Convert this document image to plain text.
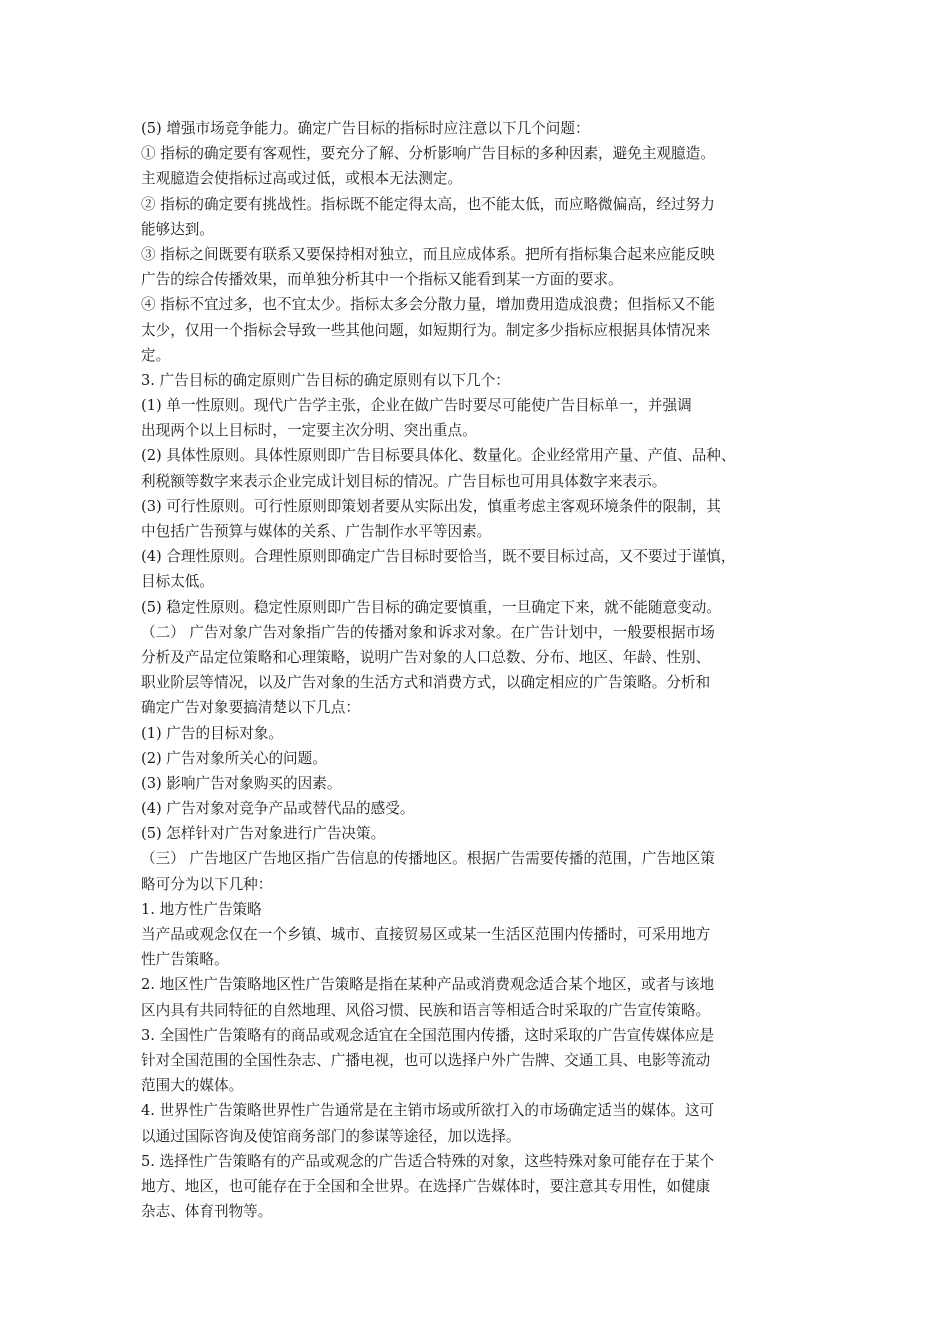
(5) 增强市场竞争能力。确定广告目标的指标时应注意以下几个问题：
① 指标的确定要有客观性，要充分了解、分析影响广告目标的多种因素，避免主观臆造。
主观臆造会使指标过高或过低，或根本无法测定。
② 指标的确定要有挑战性。指标既不能定得太高，也不能太低，而应略微偏高，经过努力
能够达到。
③ 指标之间既要有联系又要保持相对独立，而且应成体系。把所有指标集合起来应能反映
广告的综合传播效果，而单独分析其中一个指标又能看到某一方面的要求。
④ 指标不宜过多，也不宜太少。指标太多会分散力量，增加费用造成浪费；但指标又不能
太少，仅用一个指标会导致一些其他问题，如短期行为。制定多少指标应根据具体情况来
定。
3. 广告目标的确定原则广告目标的确定原则有以下几个：
(1) 单一性原则。现代广告学主张，企业在做广告时要尽可能使广告目标单一，并强调
出现两个以上目标时，一定要主次分明、突出重点。
(2) 具体性原则。具体性原则即广告目标要具体化、数量化。企业经常用产量、产值、品种、
利税额等数字来表示企业完成计划目标的情况。广告目标也可用具体数字来表示。
(3) 可行性原则。可行性原则即策划者要从实际出发，慎重考虑主客观环境条件的限制，其
中包括广告预算与媒体的关系、广告制作水平等因素。
(4) 合理性原则。合理性原则即确定广告目标时要恰当，既不要目标过高，又不要过于谨慎，
目标太低。
(5) 稳定性原则。稳定性原则即广告目标的确定要慎重，一旦确定下来，就不能随意变动。
（二） 广告对象广告对象指广告的传播对象和诉求对象。在广告计划中，一般要根据市场
分析及产品定位策略和心理策略，说明广告对象的人口总数、分布、地区、年龄、性别、
职业阶层等情况，以及广告对象的生活方式和消费方式，以确定相应的广告策略。分析和
确定广告对象要搞清楚以下几点：
(1) 广告的目标对象。
(2) 广告对象所关心的问题。
(3) 影响广告对象购买的因素。
(4) 广告对象对竞争产品或替代品的感受。
(5) 怎样针对广告对象进行广告决策。
（三） 广告地区广告地区指广告信息的传播地区。根据广告需要传播的范围，广告地区策
略可分为以下几种：
1. 地方性广告策略
当产品或观念仅在一个乡镇、城市、直接贸易区或某一生活区范围内传播时，可采用地方
性广告策略。
2. 地区性广告策略地区性广告策略是指在某种产品或消费观念适合某个地区，或者与该地
区内具有共同特征的自然地理、风俗习惯、民族和语言等相适合时采取的广告宣传策略。
3. 全国性广告策略有的商品或观念适宜在全国范围内传播，这时采取的广告宣传媒体应是
针对全国范围的全国性杂志、广播电视，也可以选择户外广告牌、交通工具、电影等流动
范围大的媒体。
4. 世界性广告策略世界性广告通常是在主销市场或所欲打入的市场确定适当的媒体。这可
以通过国际咨询及使馆商务部门的参谋等途径，加以选择。
5. 选择性广告策略有的产品或观念的广告适合特殊的对象，这些特殊对象可能存在于某个
地方、地区，也可能存在于全国和全世界。在选择广告媒体时，要注意其专用性，如健康
杂志、体育刊物等。
